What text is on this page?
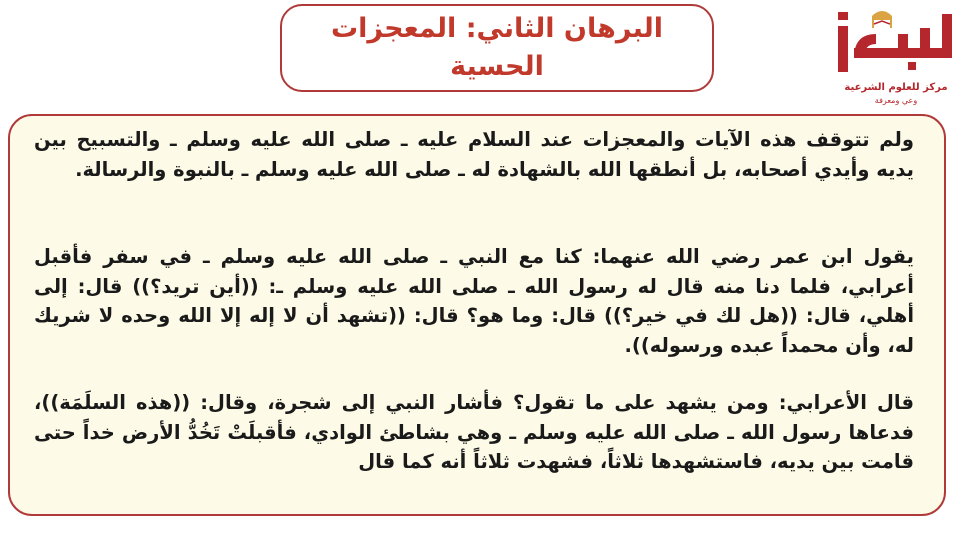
البرهان الثاني: المعجزات الحسية
مركز للعلوم الشرعية
وعي ومعرفة

ولم تتوقف هذه الآيات والمعجزات عند السلام عليه ـ صلى الله عليه وسلم ـ والتسبيح بين يديه وأيدي أصحابه، بل أنطقها الله بالشهادة له ـ صلى الله عليه وسلم ـ بالنبوة والرسالة.

يقول ابن عمر رضي الله عنهما: كنا مع النبي ـ صلى الله عليه وسلم ـ في سفر فأقبل أعرابي، فلما دنا منه قال له رسول الله ـ صلى الله عليه وسلم ـ: ((أين تريد؟)) قال: إلى أهلي، قال: ((هل لك في خير؟)) قال: وما هو؟ قال: ((تشهد أن لا إله إلا الله وحده لا شريك له، وأن محمداً عبده ورسوله)).

قال الأعرابي: ومن يشهد على ما تقول؟ فأشار النبي إلى شجرة، وقال: ((هذه السلَمَة))، فدعاها رسول الله ـ صلى الله عليه وسلم ـ وهي بشاطئ الوادي، فأقبلَتْ تَخُدُّ الأرض خداً حتى قامت بين يديه، فاستشهدها ثلاثاً، فشهدت ثلاثاً أنه كما قال
